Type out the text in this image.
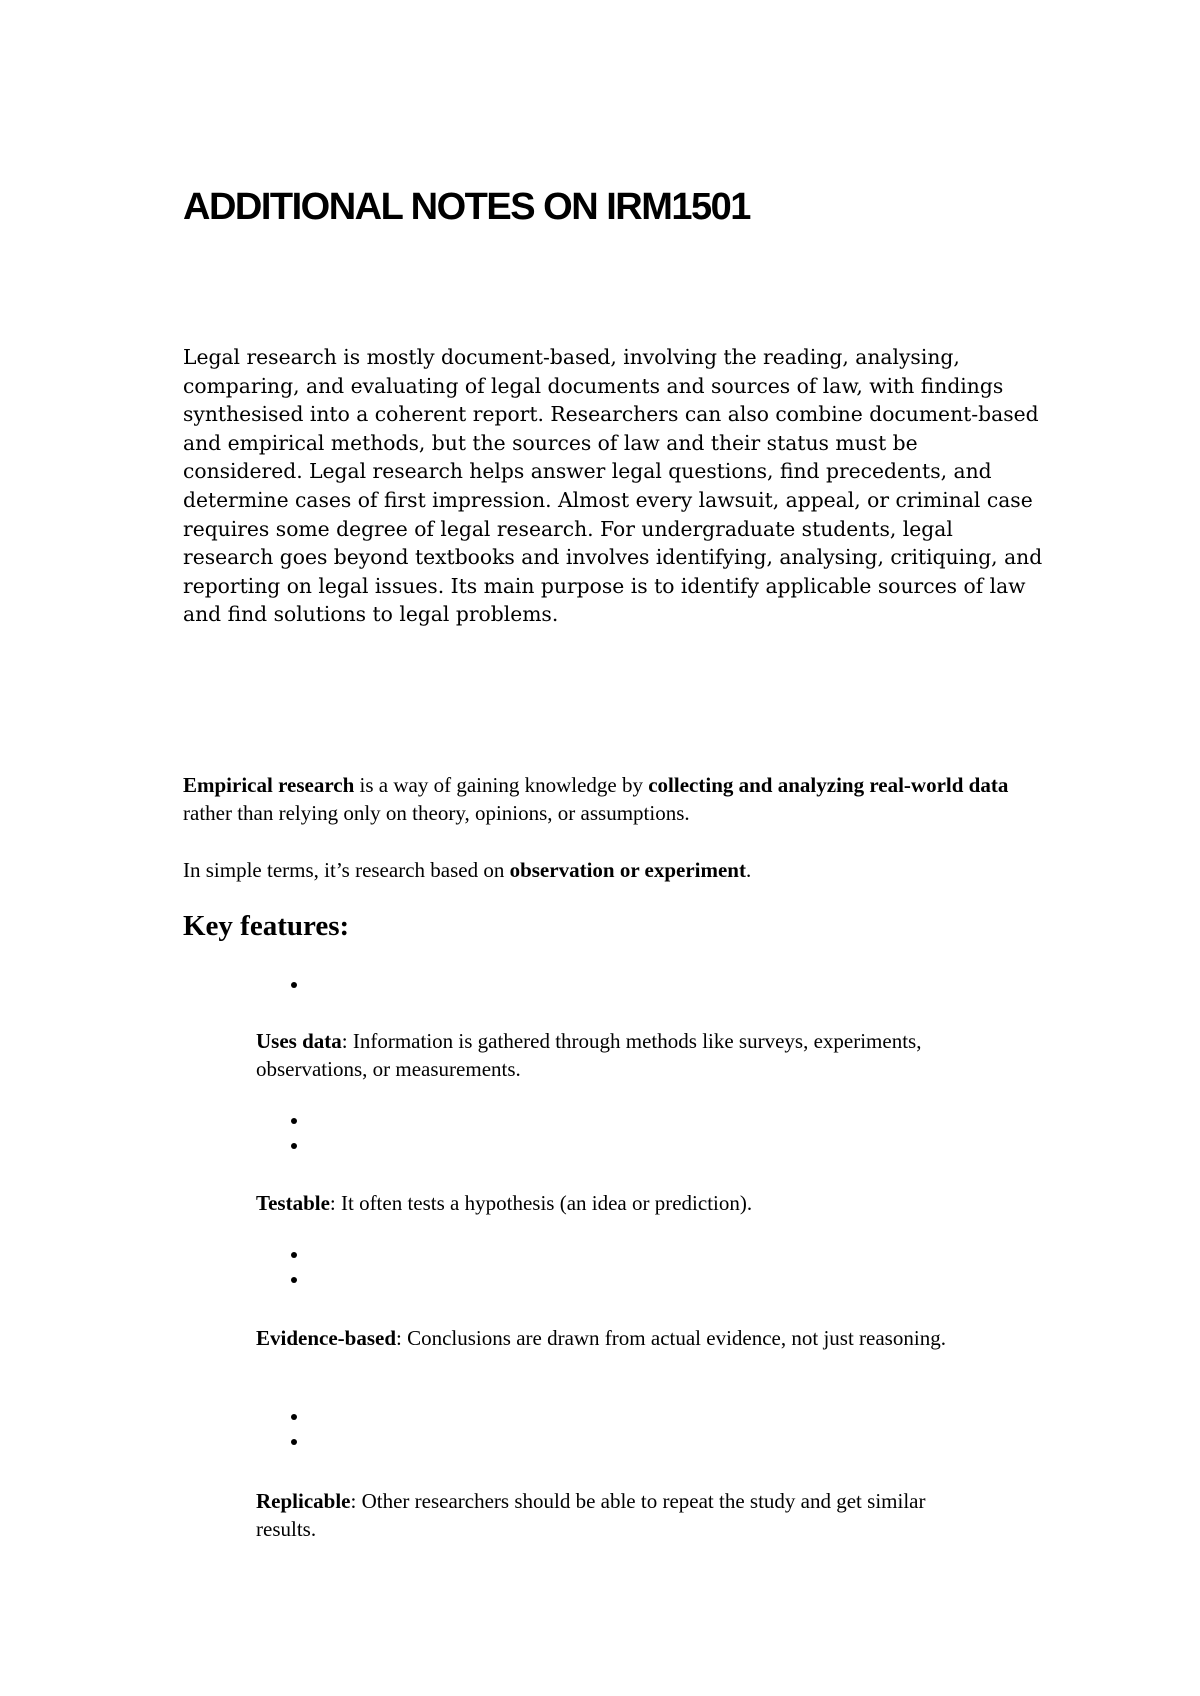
ADDITIONAL NOTES ON IRM1501

Legal research is mostly document-based, involving the reading, analysing, comparing, and evaluating of legal documents and sources of law, with findings synthesised into a coherent report. Researchers can also combine document-based and empirical methods, but the sources of law and their status must be considered. Legal research helps answer legal questions, find precedents, and determine cases of first impression. Almost every lawsuit, appeal, or criminal case requires some degree of legal research. For undergraduate students, legal research goes beyond textbooks and involves identifying, analysing, critiquing, and reporting on legal issues. Its main purpose is to identify applicable sources of law and find solutions to legal problems.

Empirical research is a way of gaining knowledge by collecting and analyzing real-world data rather than relying only on theory, opinions, or assumptions.

In simple terms, it’s research based on observation or experiment.

Key features:

Uses data: Information is gathered through methods like surveys, experiments, observations, or measurements.

Testable: It often tests a hypothesis (an idea or prediction).

Evidence-based: Conclusions are drawn from actual evidence, not just reasoning.

Replicable: Other researchers should be able to repeat the study and get similar results.
